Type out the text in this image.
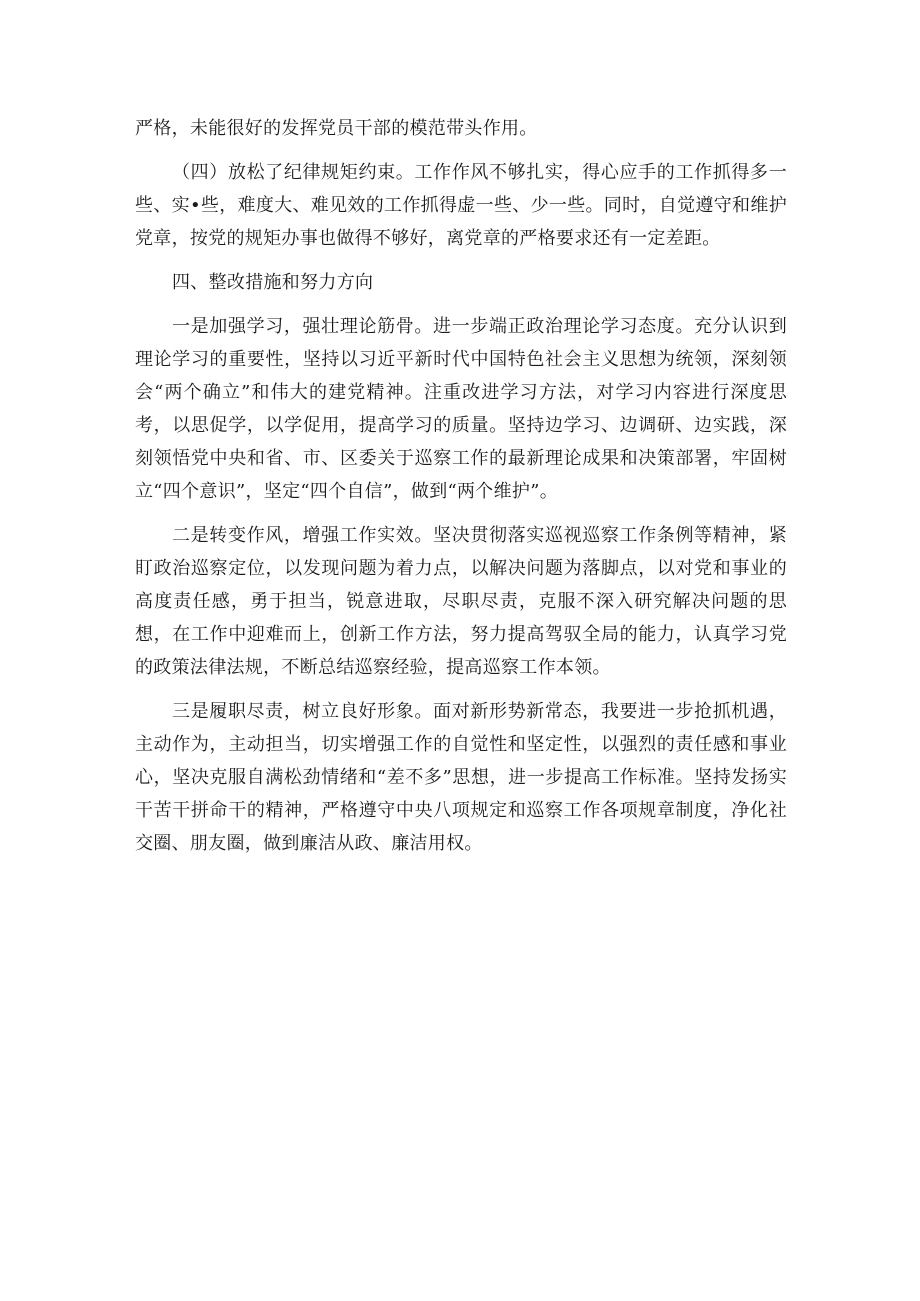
严格，未能很好的发挥党员干部的模范带头作用。

（四）放松了纪律规矩约束。工作作风不够扎实，得心应手的工作抓得多一些、实•些，难度大、难见效的工作抓得虚一些、少一些。同时，自觉遵守和维护党章，按党的规矩办事也做得不够好，离党章的严格要求还有一定差距。

四、整改措施和努力方向

一是加强学习，强壮理论筋骨。进一步端正政治理论学习态度。充分认识到理论学习的重要性，坚持以习近平新时代中国特色社会主义思想为统领，深刻领会“两个确立”和伟大的建党精神。注重改进学习方法，对学习内容进行深度思考，以思促学，以学促用，提高学习的质量。坚持边学习、边调研、边实践，深刻领悟党中央和省、市、区委关于巡察工作的最新理论成果和决策部署，牢固树立“四个意识”，坚定“四个自信”，做到“两个维护”。

二是转变作风，增强工作实效。坚决贯彻落实巡视巡察工作条例等精神，紧盯政治巡察定位，以发现问题为着力点，以解决问题为落脚点，以对党和事业的高度责任感，勇于担当，锐意进取，尽职尽责，克服不深入研究解决问题的思想，在工作中迎难而上，创新工作方法，努力提高驾驭全局的能力，认真学习党的政策法律法规，不断总结巡察经验，提高巡察工作本领。

三是履职尽责，树立良好形象。面对新形势新常态，我要进一步抢抓机遇，主动作为，主动担当，切实增强工作的自觉性和坚定性，以强烈的责任感和事业心，坚决克服自满松劲情绪和“差不多”思想，进一步提高工作标准。坚持发扬实干苦干拼命干的精神，严格遵守中央八项规定和巡察工作各项规章制度，净化社交圈、朋友圈，做到廉洁从政、廉洁用权。
